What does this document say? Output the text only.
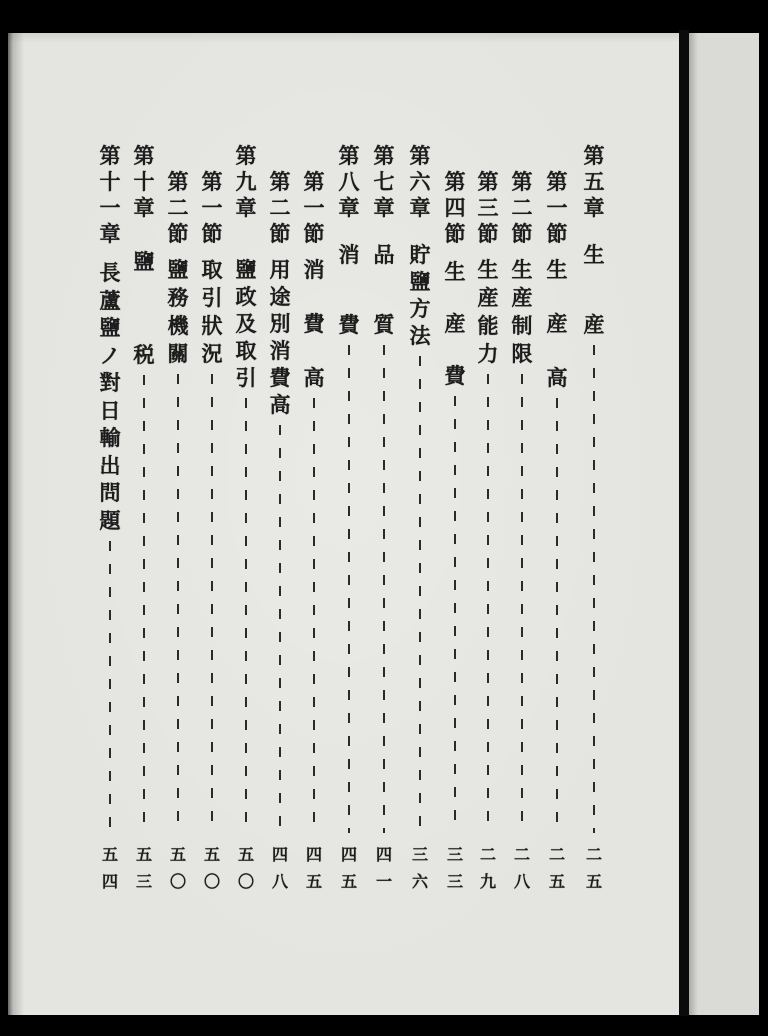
第
五
章
生
産
二
五
第
一
節
生
産
高
二
五
第
二
節
生
産
制
限
二
八
第
三
節
生
産
能
力
二
九
第
四
節
生
産
費
三
三
第
六
章
貯
鹽
方
法
三
六
第
七
章
品
質
四
一
第
八
章
消
費
四
五
第
一
節
消
費
高
四
五
第
二
節
用
途
別
消
費
高
四
八
第
九
章
鹽
政
及
取
引
五
〇
第
一
節
取
引
狀
況
五
〇
第
二
節
鹽
務
機
關
五
〇
第
十
章
鹽
税
五
三
第
十
一
章
長
蘆
鹽
ノ
對
日
輸
出
問
題
五
四
